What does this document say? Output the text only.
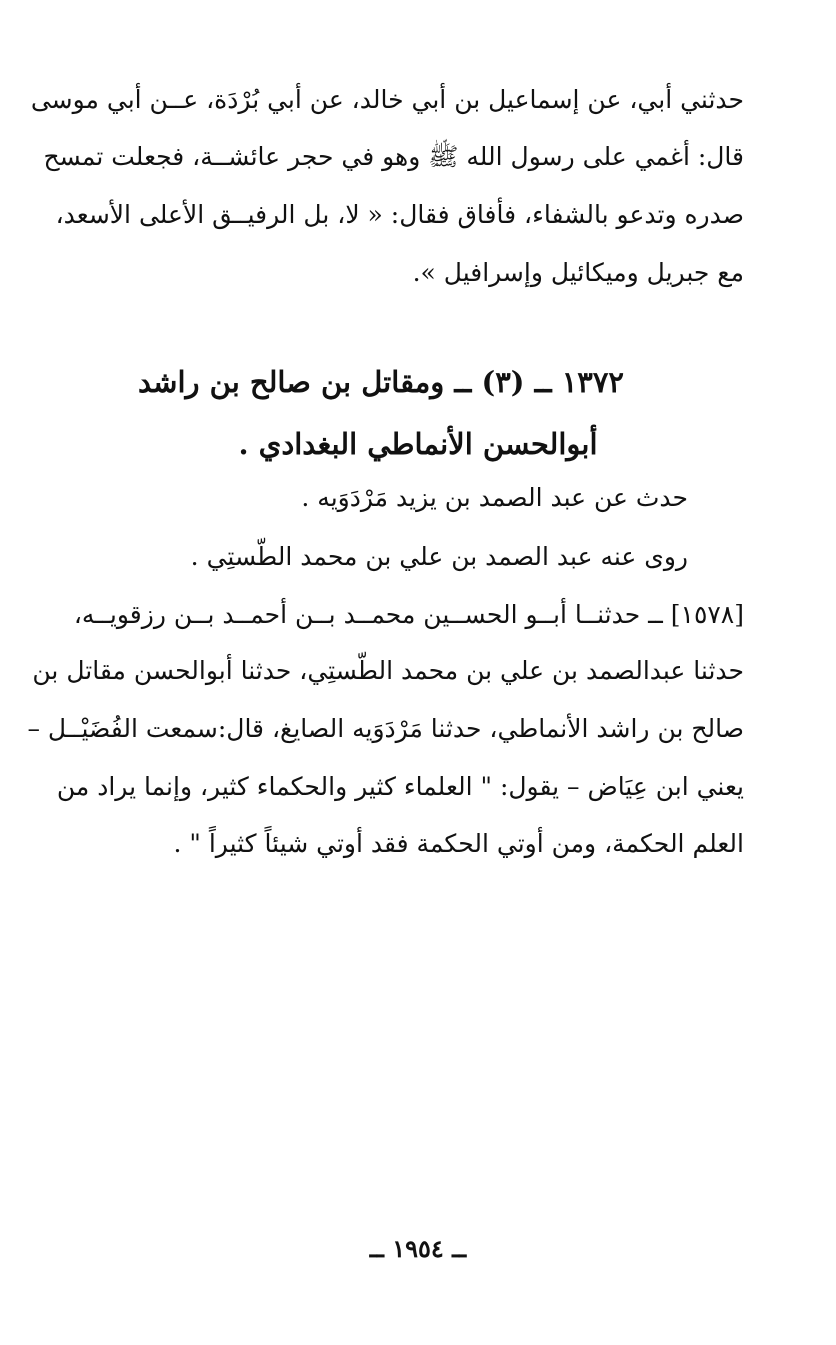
حدثني أبي، عن إسماعيل بن أبي خالد، عن أبي بُرْدَة، عــن أبي موسى
قال: أغمي على رسول الله ﷺ وهو في حجر عائشــة، فجعلت تمسح
صدره وتدعو بالشفاء، فأفاق فقال: « لا، بل الرفيــق الأعلى الأسعد،
مع جبريل وميكائيل وإسرافيل ».
١٣٧٢ ــ (٣) ــ ومقاتل بن صالح بن راشد
أبوالحسن الأنماطي البغدادي .
حدث عن عبد الصمد بن يزيد مَرْدَوَيه .
روى عنه عبد الصمد بن علي بن محمد الطّستِي .
[١٥٧٨] ــ حدثنــا أبــو الحســين محمــد بــن أحمــد بــن رزقويــه،
حدثنا عبدالصمد بن علي بن محمد الطّستِي، حدثنا أبوالحسن مقاتل بن
صالح بن راشد الأنماطي، حدثنا مَرْدَوَيه الصايغ، قال:سمعت الفُضَيْــل –
يعني ابن عِيَاض – يقول: " العلماء كثير والحكماء كثير، وإنما يراد من
العلم الحكمة، ومن أوتي الحكمة فقد أوتي شيئاً كثيراً " .
ــ ١٩٥٤ ــ
